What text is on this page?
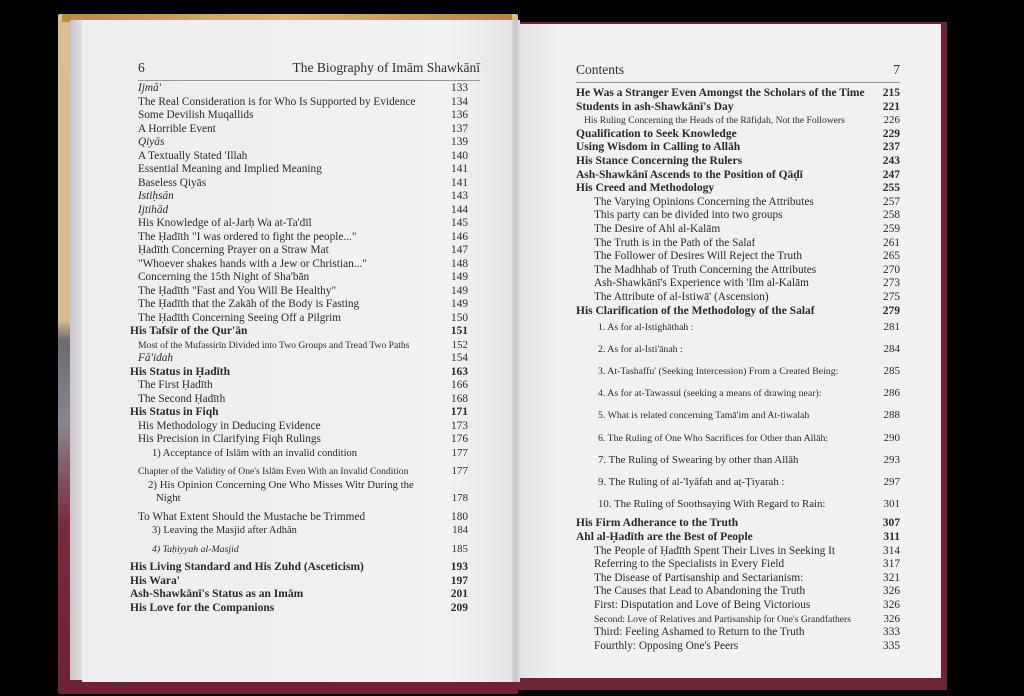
6	The Biography of Imām Shawkānī	Contents	7
Ijmā'	133
The Real Consideration is for Who Is Supported by Evidence	134
Some Devilish Muqallids	136
A Horrible Event	137
Qiyās	139
A Textually Stated 'Illah	140
Essential Meaning and Implied Meaning	141
Baseless Qiyās	141
Istiḥsān	143
Ijtihād	144
His Knowledge of al-Jarḥ Wa at-Ta'dīl	145
The Ḥadīth "I was ordered to fight the people..."	146
Ḥadīth Concerning Prayer on a Straw Mat	147
"Whoever shakes hands with a Jew or Christian..."	148
Concerning the 15th Night of Sha'bān	149
The Ḥadīth "Fast and You Will Be Healthy"	149
The Ḥadīth that the Zakāh of the Body is Fasting	149
The Ḥadīth Concerning Seeing Off a Pilgrim	150
His Tafsīr of the Qur'ān	151
Most of the Mufassirīn Divided into Two Groups and Tread Two Paths	152
Fā'idah	154
His Status in Ḥadīth	163
The First Ḥadīth	166
The Second Ḥadīth	168
His Status in Fiqh	171
His Methodology in Deducing Evidence	173
His Precision in Clarifying Fiqh Rulings	176
1) Acceptance of Islām with an invalid condition	177
Chapter of the Validity of One's Islām Even With an Invalid Condition	177
2) His Opinion Concerning One Who Misses Witr During the Night	178
To What Extent Should the Mustache be Trimmed	180
3) Leaving the Masjid after Adhān	184
4) Taḥiyyah al-Masjid	185
His Living Standard and His Zuhd (Asceticism)	193
His Wara'	197
Ash-Shawkānī's Status as an Imām	201
His Love for the Companions	209
He Was a Stranger Even Amongst the Scholars of the Time	215
Students in ash-Shawkānī's Day	221
His Ruling Concerning the Heads of the Rāfiḍah, Not the Followers	226
Qualification to Seek Knowledge	229
Using Wisdom in Calling to Allāh	237
His Stance Concerning the Rulers	243
Ash-Shawkānī Ascends to the Position of Qāḍī	247
His Creed and Methodology	255
The Varying Opinions Concerning the Attributes	257
This party can be divided into two groups	258
The Desire of Ahl al-Kalām	259
The Truth is in the Path of the Salaf	261
The Follower of Desires Will Reject the Truth	265
The Madhhab of Truth Concerning the Attributes	270
Ash-Shawkānī's Experience with 'Ilm al-Kalām	273
The Attribute of al-Istiwā' (Ascension)	275
His Clarification of the Methodology of the Salaf	279
1. As for al-Istighāthah :	281
2. As for al-Isti'ānah :	284
3. At-Tashaffu' (Seeking Intercession) From a Created Being:	285
4. As for at-Tawassul (seeking a means of drawing near):	286
5. What is related concerning Tamā'im and At-tiwalah	288
6. The Ruling of One Who Sacrifices for Other than Allāh:	290
7. The Ruling of Swearing by other than Allāh	293
9. The Ruling of al-'Iyāfah and aṭ-Ṭiyarah :	297
10. The Ruling of Soothsaying With Regard to Rain:	301
His Firm Adherance to the Truth	307
Ahl al-Ḥadīth are the Best of People	311
The People of Ḥadīth Spent Their Lives in Seeking It	314
Referring to the Specialists in Every Field	317
The Disease of Partisanship and Sectarianism:	321
The Causes that Lead to Abandoning the Truth	326
First: Disputation and Love of Being Victorious	326
Second: Love of Relatives and Partisanship for One's Grandfathers	326
Third: Feeling Ashamed to Return to the Truth	333
Fourthly: Opposing One's Peers	335
